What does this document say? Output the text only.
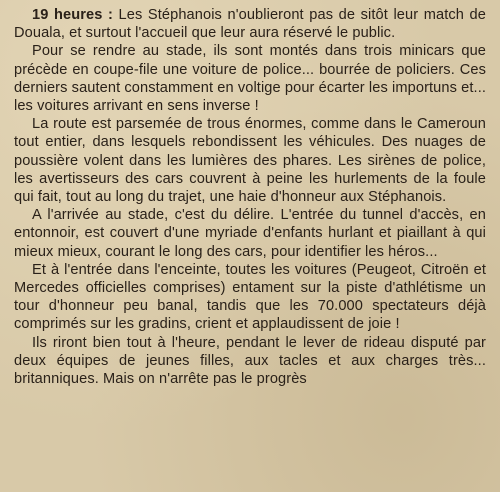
19 heures : Les Stéphanois n'oublieront pas de sitôt leur match de Douala, et surtout l'accueil que leur aura réservé le public.

Pour se rendre au stade, ils sont montés dans trois minicars que précède en coupe-file une voiture de police... bourrée de policiers. Ces derniers sautent constamment en voltige pour écarter les importuns et... les voitures arrivant en sens inverse !

La route est parsemée de trous énormes, comme dans le Cameroun tout entier, dans lesquels rebondissent les véhicules. Des nuages de poussière volent dans les lumières des phares. Les sirènes de police, les avertisseurs des cars couvrent à peine les hurlements de la foule qui fait, tout au long du trajet, une haie d'honneur aux Stéphanois.

A l'arrivée au stade, c'est du délire. L'entrée du tunnel d'accès, en entonnoir, est couvert d'une myriade d'enfants hurlant et piaillant à qui mieux mieux, courant le long des cars, pour identifier les héros...

Et à l'entrée dans l'enceinte, toutes les voitures (Peugeot, Citroën et Mercedes officielles comprises) entament sur la piste d'athlétisme un tour d'honneur peu banal, tandis que les 70.000 spectateurs déjà comprimés sur les gradins, crient et applaudissent de joie !

Ils riront bien tout à l'heure, pendant le lever de rideau disputé par deux équipes de jeunes filles, aux tacles et aux charges très... britanniques. Mais on n'arrête pas le progrès
